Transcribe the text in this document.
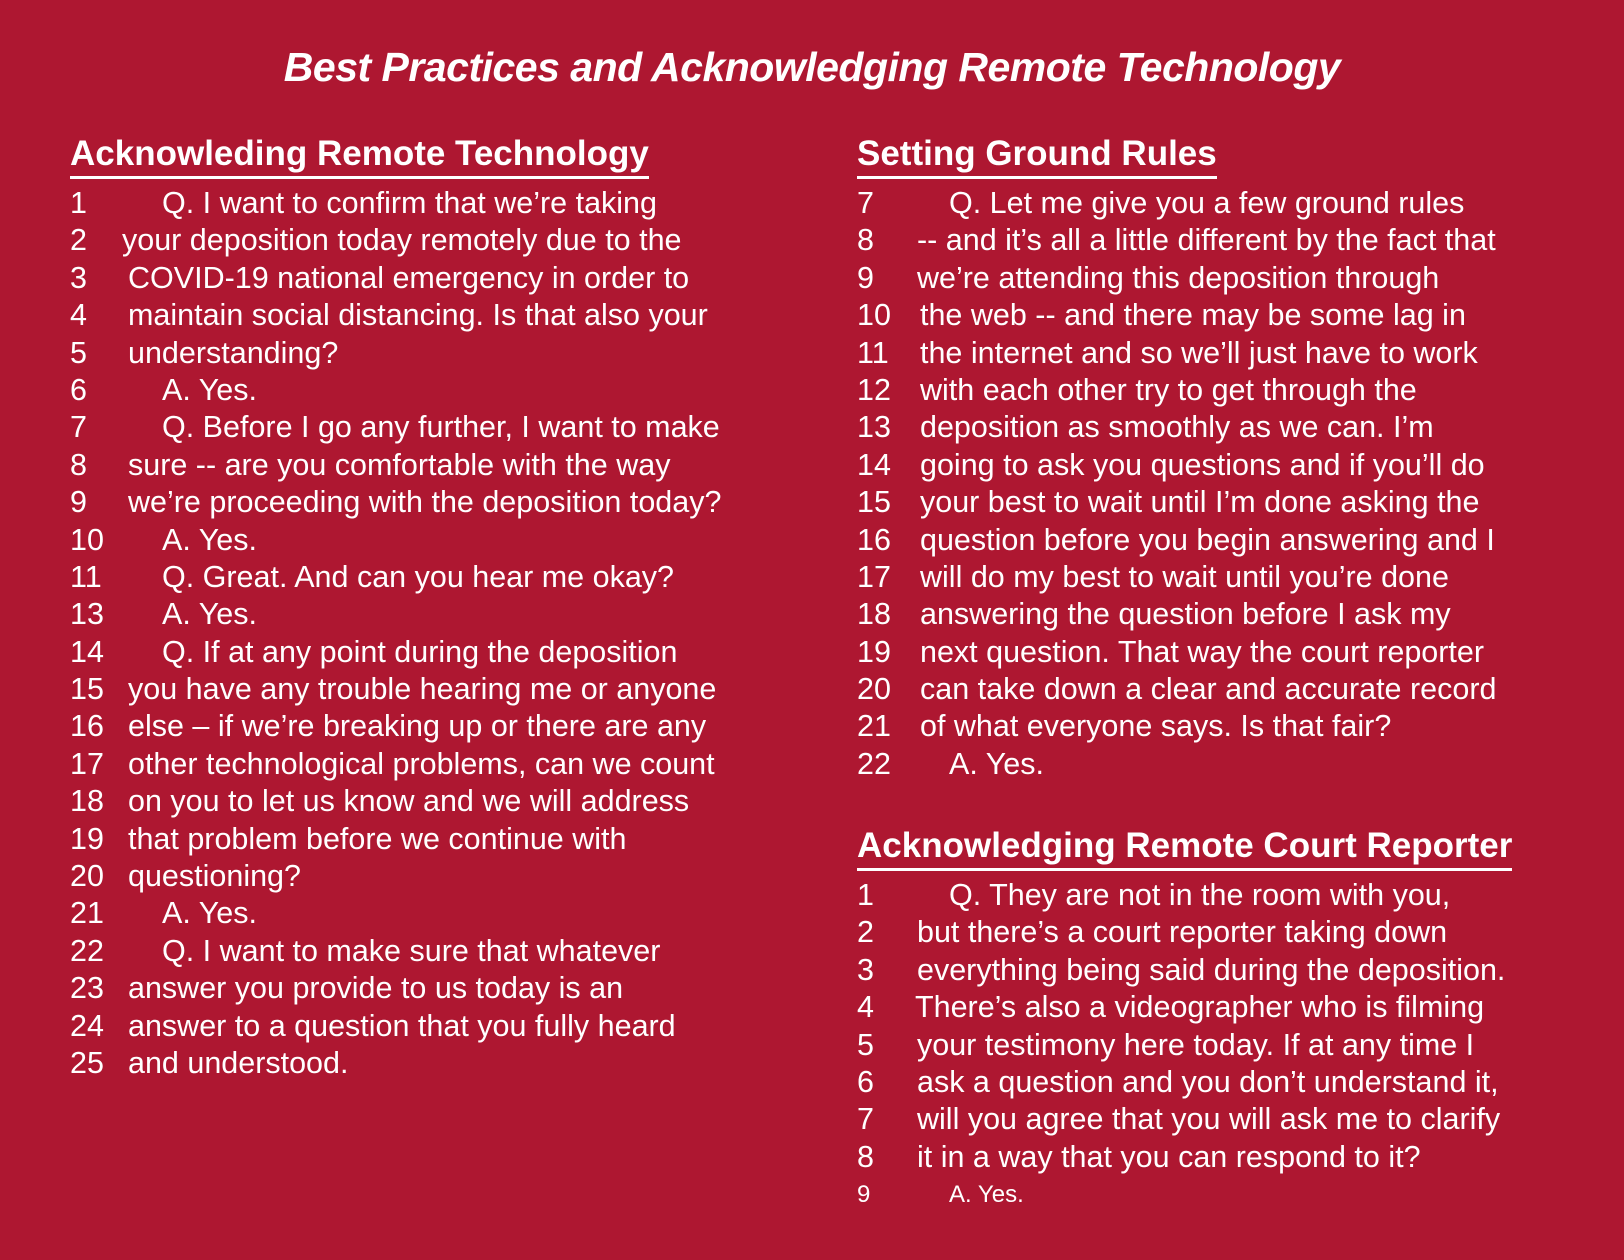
Best Practices and Acknowledging Remote Technology
Acknowleding Remote Technology
1 Q. I want to confirm that we’re taking
2 your deposition today remotely due to the
3 COVID-19 national emergency in order to
4 maintain social distancing. Is that also your
5 understanding?
6 A. Yes.
7 Q. Before I go any further, I want to make
8 sure -- are you comfortable with the way
9 we’re proceeding with the deposition today?
10 A. Yes.
11 Q. Great. And can you hear me okay?
13 A. Yes.
14 Q. If at any point during the deposition
15 you have any trouble hearing me or anyone
16 else – if we’re breaking up or there are any
17 other technological problems, can we count
18 on you to let us know and we will address
19 that problem before we continue with
20 questioning?
21 A. Yes.
22 Q. I want to make sure that whatever
23 answer you provide to us today is an
24 answer to a question that you fully heard
25 and understood.
Setting Ground Rules
7 Q. Let me give you a few ground rules
8 -- and it’s all a little different by the fact that
9 we’re attending this deposition through
10 the web -- and there may be some lag in
11 the internet and so we’ll just have to work
12 with each other try to get through the
13 deposition as smoothly as we can. I’m
14 going to ask you questions and if you’ll do
15 your best to wait until I’m done asking the
16 question before you begin answering and I
17 will do my best to wait until you’re done
18 answering the question before I ask my
19 next question. That way the court reporter
20 can take down a clear and accurate record
21 of what everyone says. Is that fair?
22 A. Yes.
Acknowledging Remote Court Reporter
1 Q. They are not in the room with you,
2 but there’s a court reporter taking down
3 everything being said during the deposition.
4 There’s also a videographer who is filming
5 your testimony here today. If at any time I
6 ask a question and you don’t understand it,
7 will you agree that you will ask me to clarify
8 it in a way that you can respond to it?
9	A. Yes.
